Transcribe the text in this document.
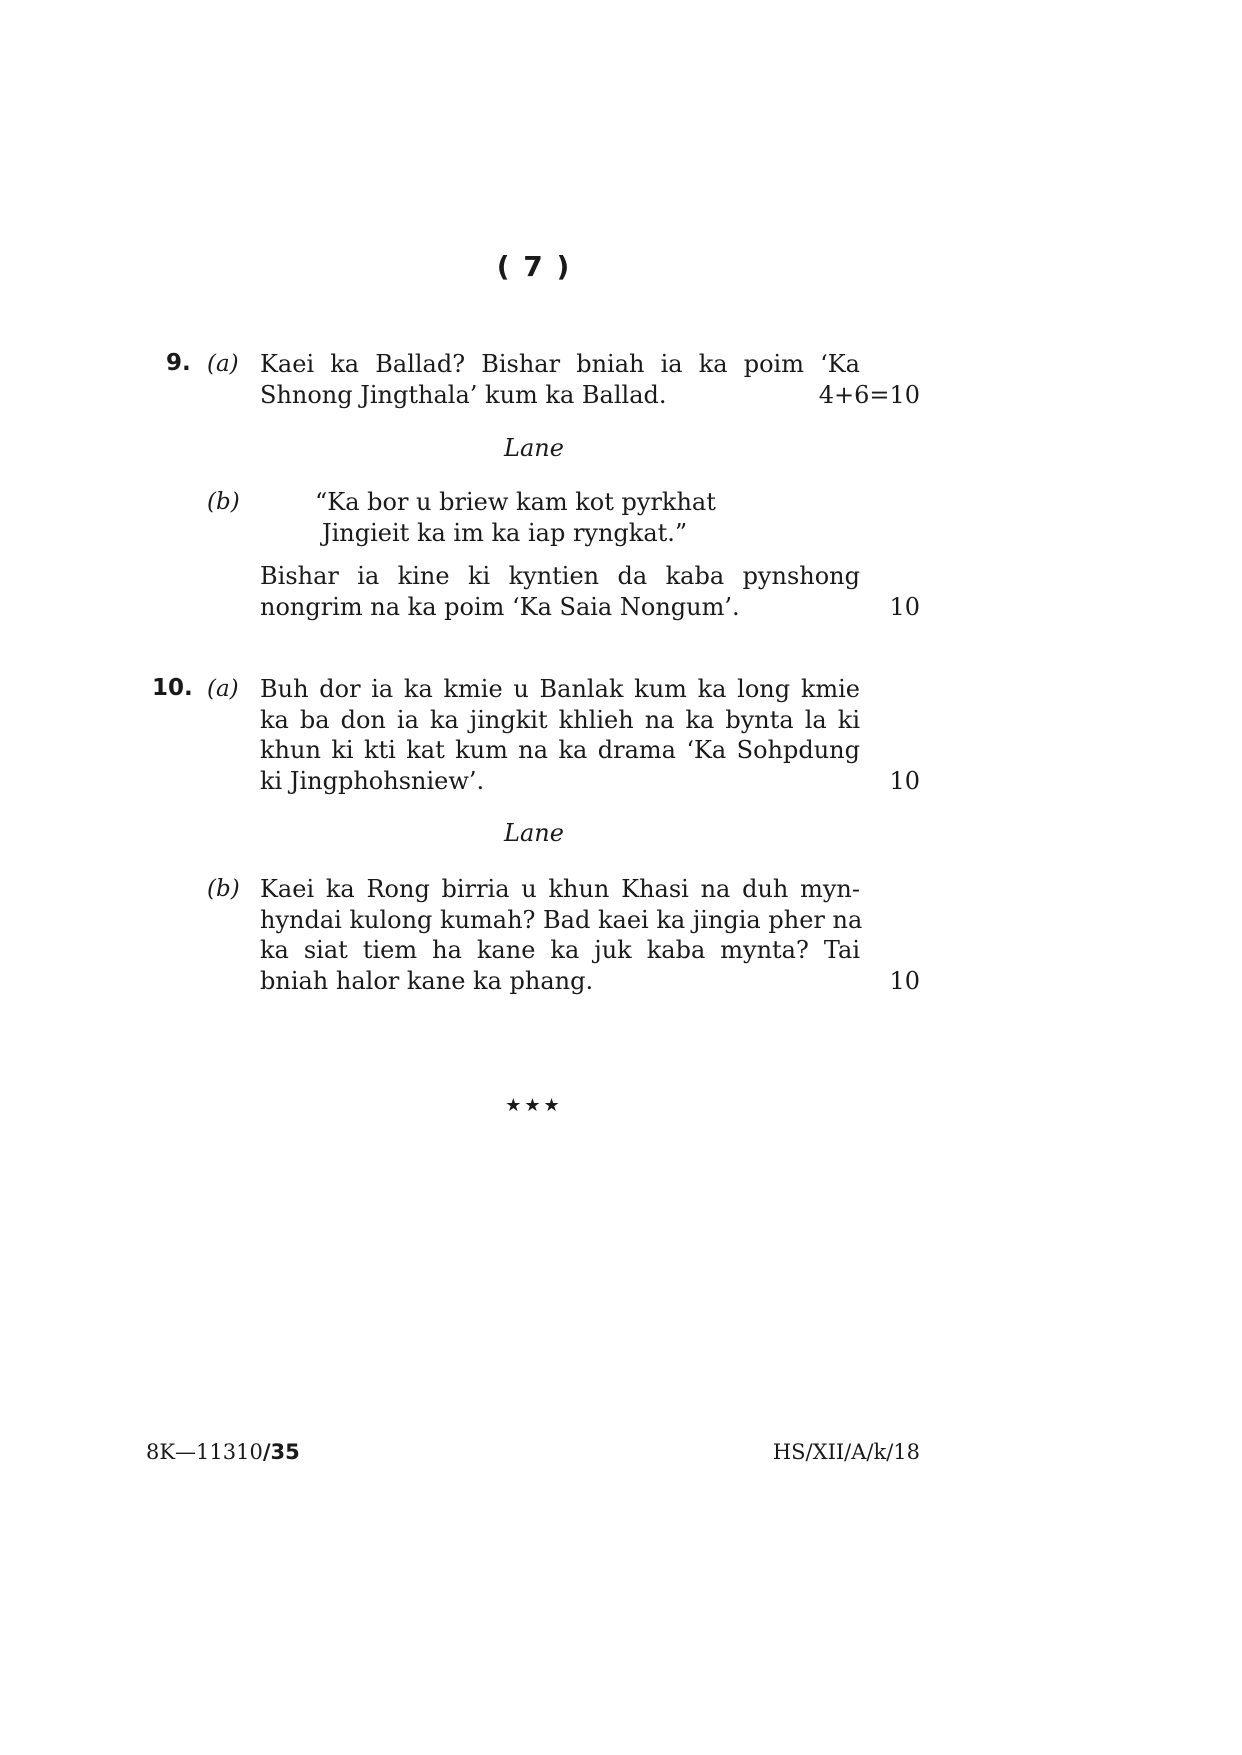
( 7 )
9. (a) Kaei ka Ballad? Bishar bniah ia ka poim ‘Ka
Shnong Jingthala’ kum ka Ballad.	4+6=10
Lane
(b)	“Ka bor u briew kam kot pyrkhat
Jingieit ka im ka iap ryngkat.”
Bishar ia kine ki kyntien da kaba pynshong
nongrim na ka poim ‘Ka Saia Nongum’.	10
10. (a) Buh dor ia ka kmie u Banlak kum ka long kmie
ka ba don ia ka jingkit khlieh na ka bynta la ki
khun ki kti kat kum na ka drama ‘Ka Sohpdung
ki Jingphohsniew’.	10
Lane
(b) Kaei ka Rong birria u khun Khasi na duh myn-
hyndai kulong kumah? Bad kaei ka jingia pher na
ka siat tiem ha kane ka juk kaba mynta? Tai
bniah halor kane ka phang.	10
★★★
8K—11310/35	HS/XII/A/k/18
